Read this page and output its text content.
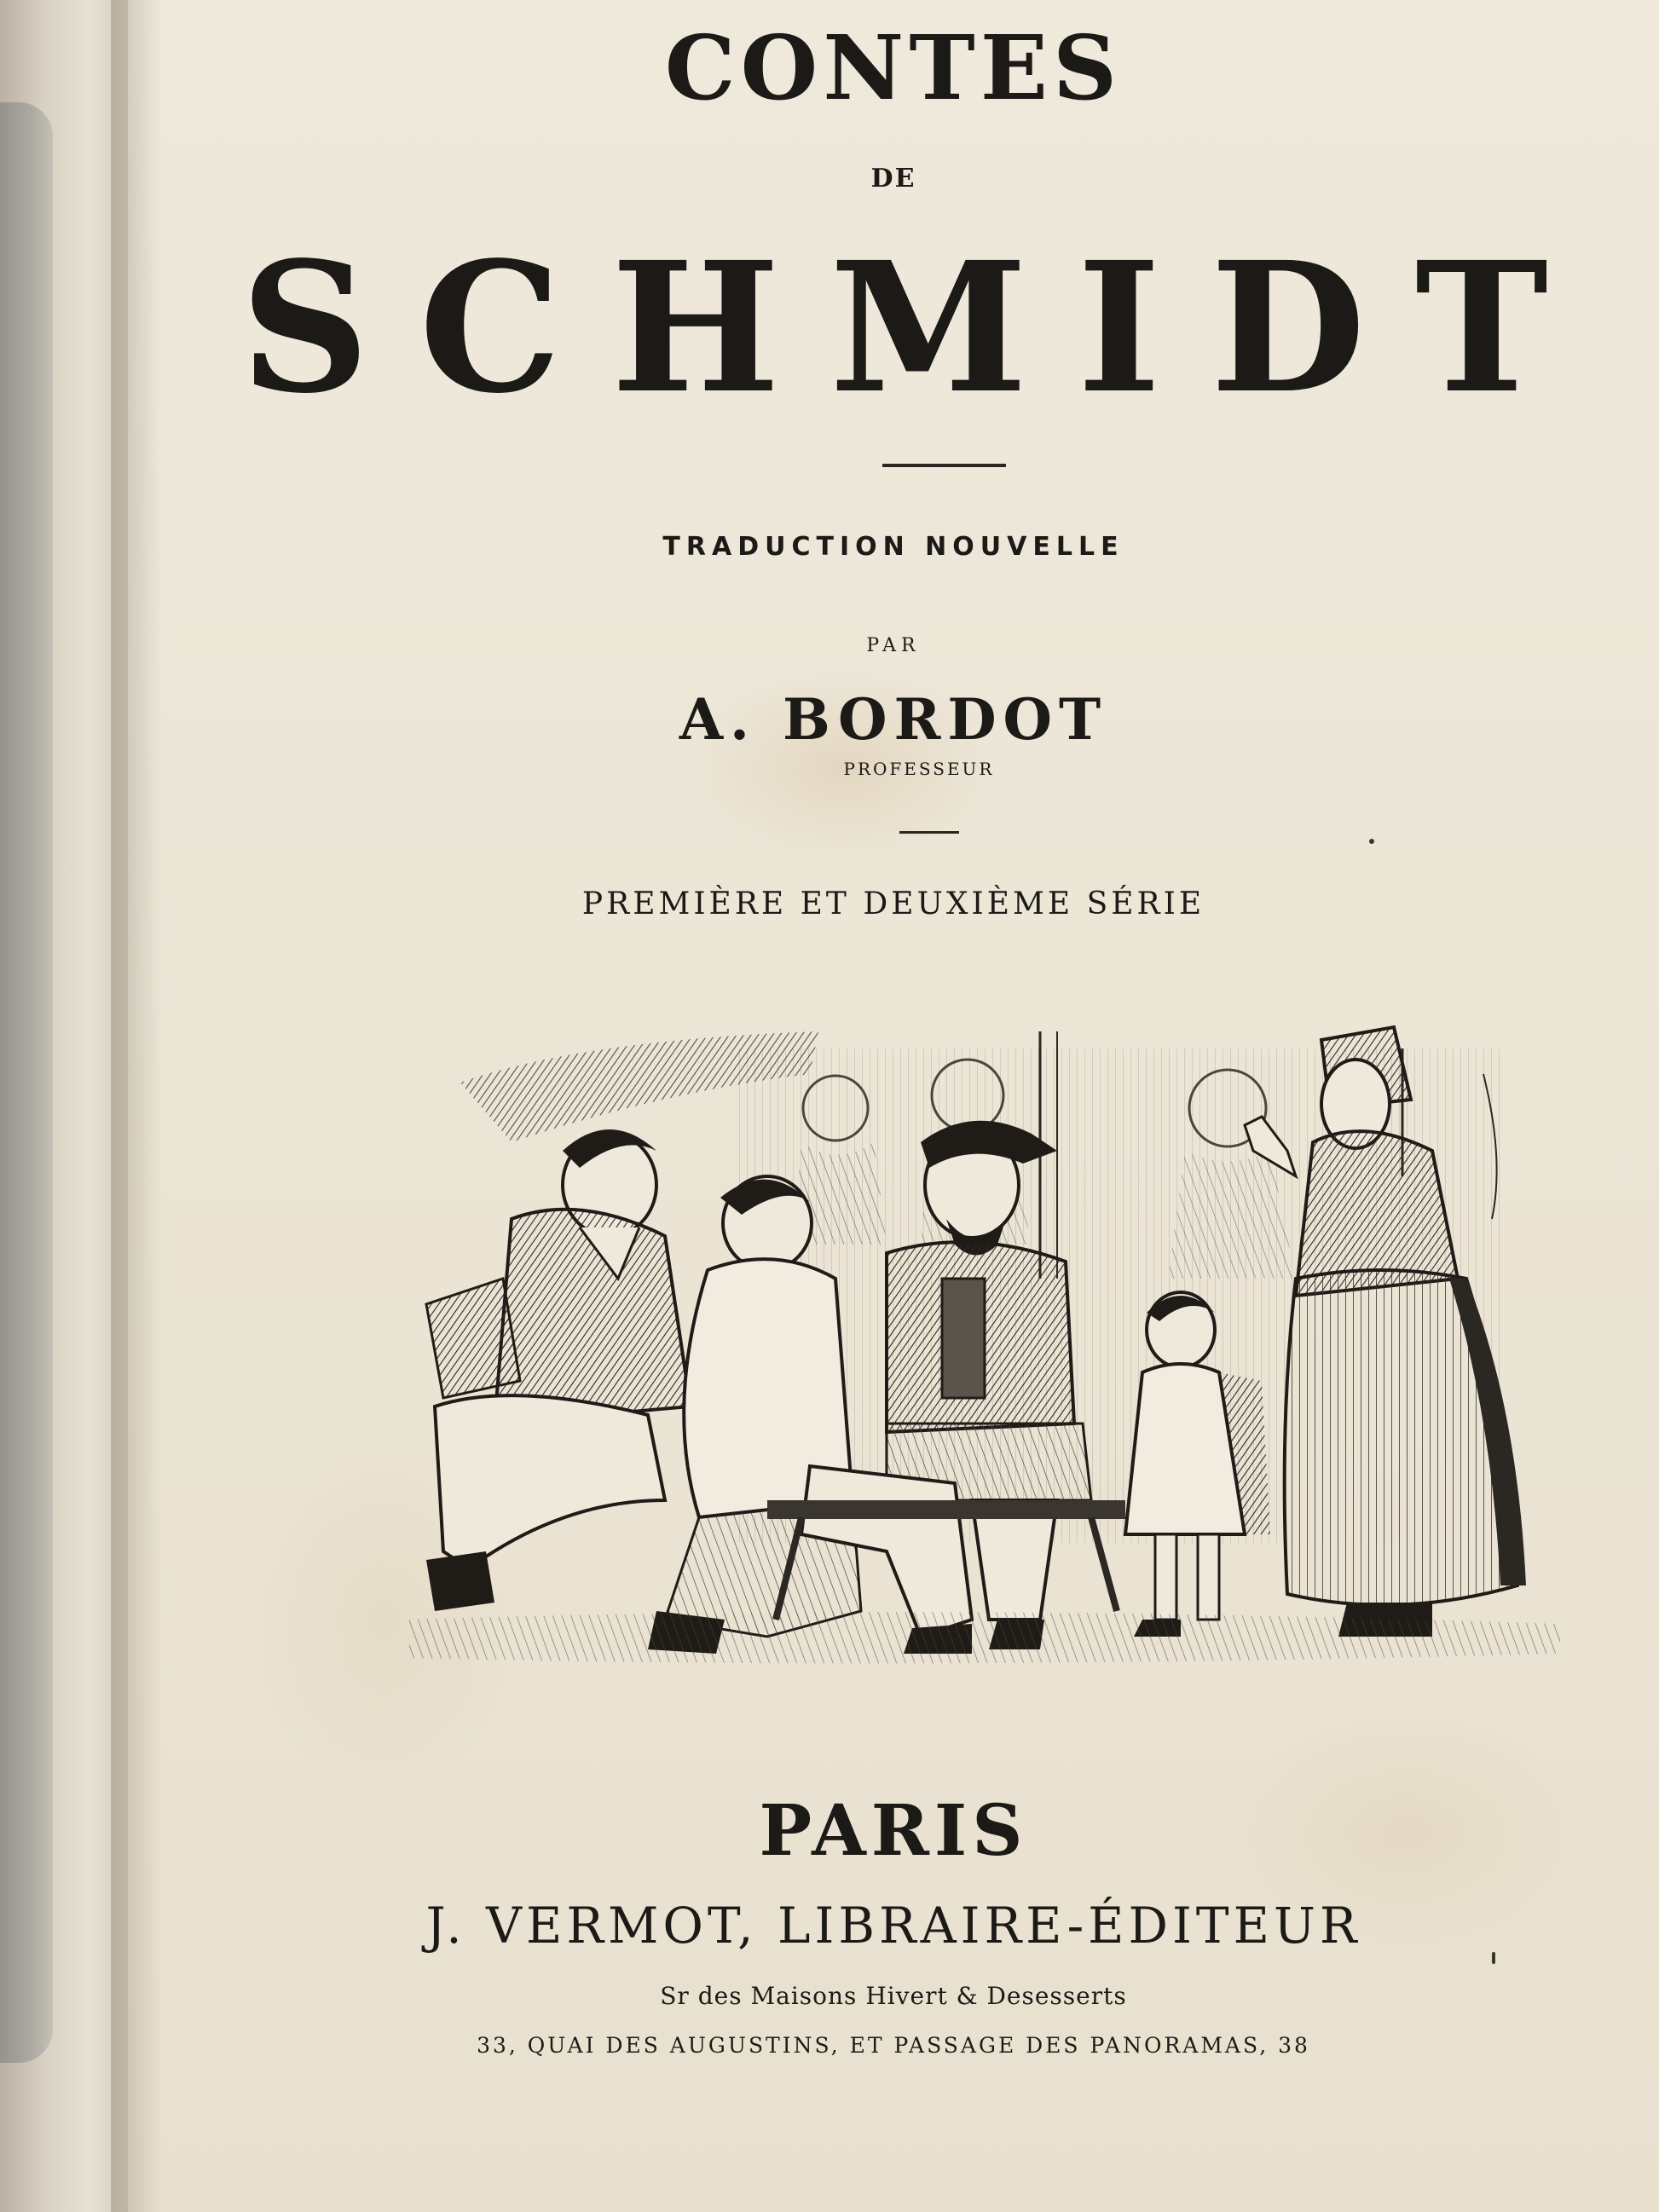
CONTES
DE
SCHMIDT
TRADUCTION NOUVELLE
PAR
A. BORDOT
PROFESSEUR
PREMIÈRE ET DEUXIÈME SÉRIE
PARIS
J. VERMOT, LIBRAIRE-ÉDITEUR
Sr des Maisons Hivert & Desesserts
33, QUAI DES AUGUSTINS, ET PASSAGE DES PANORAMAS, 38
